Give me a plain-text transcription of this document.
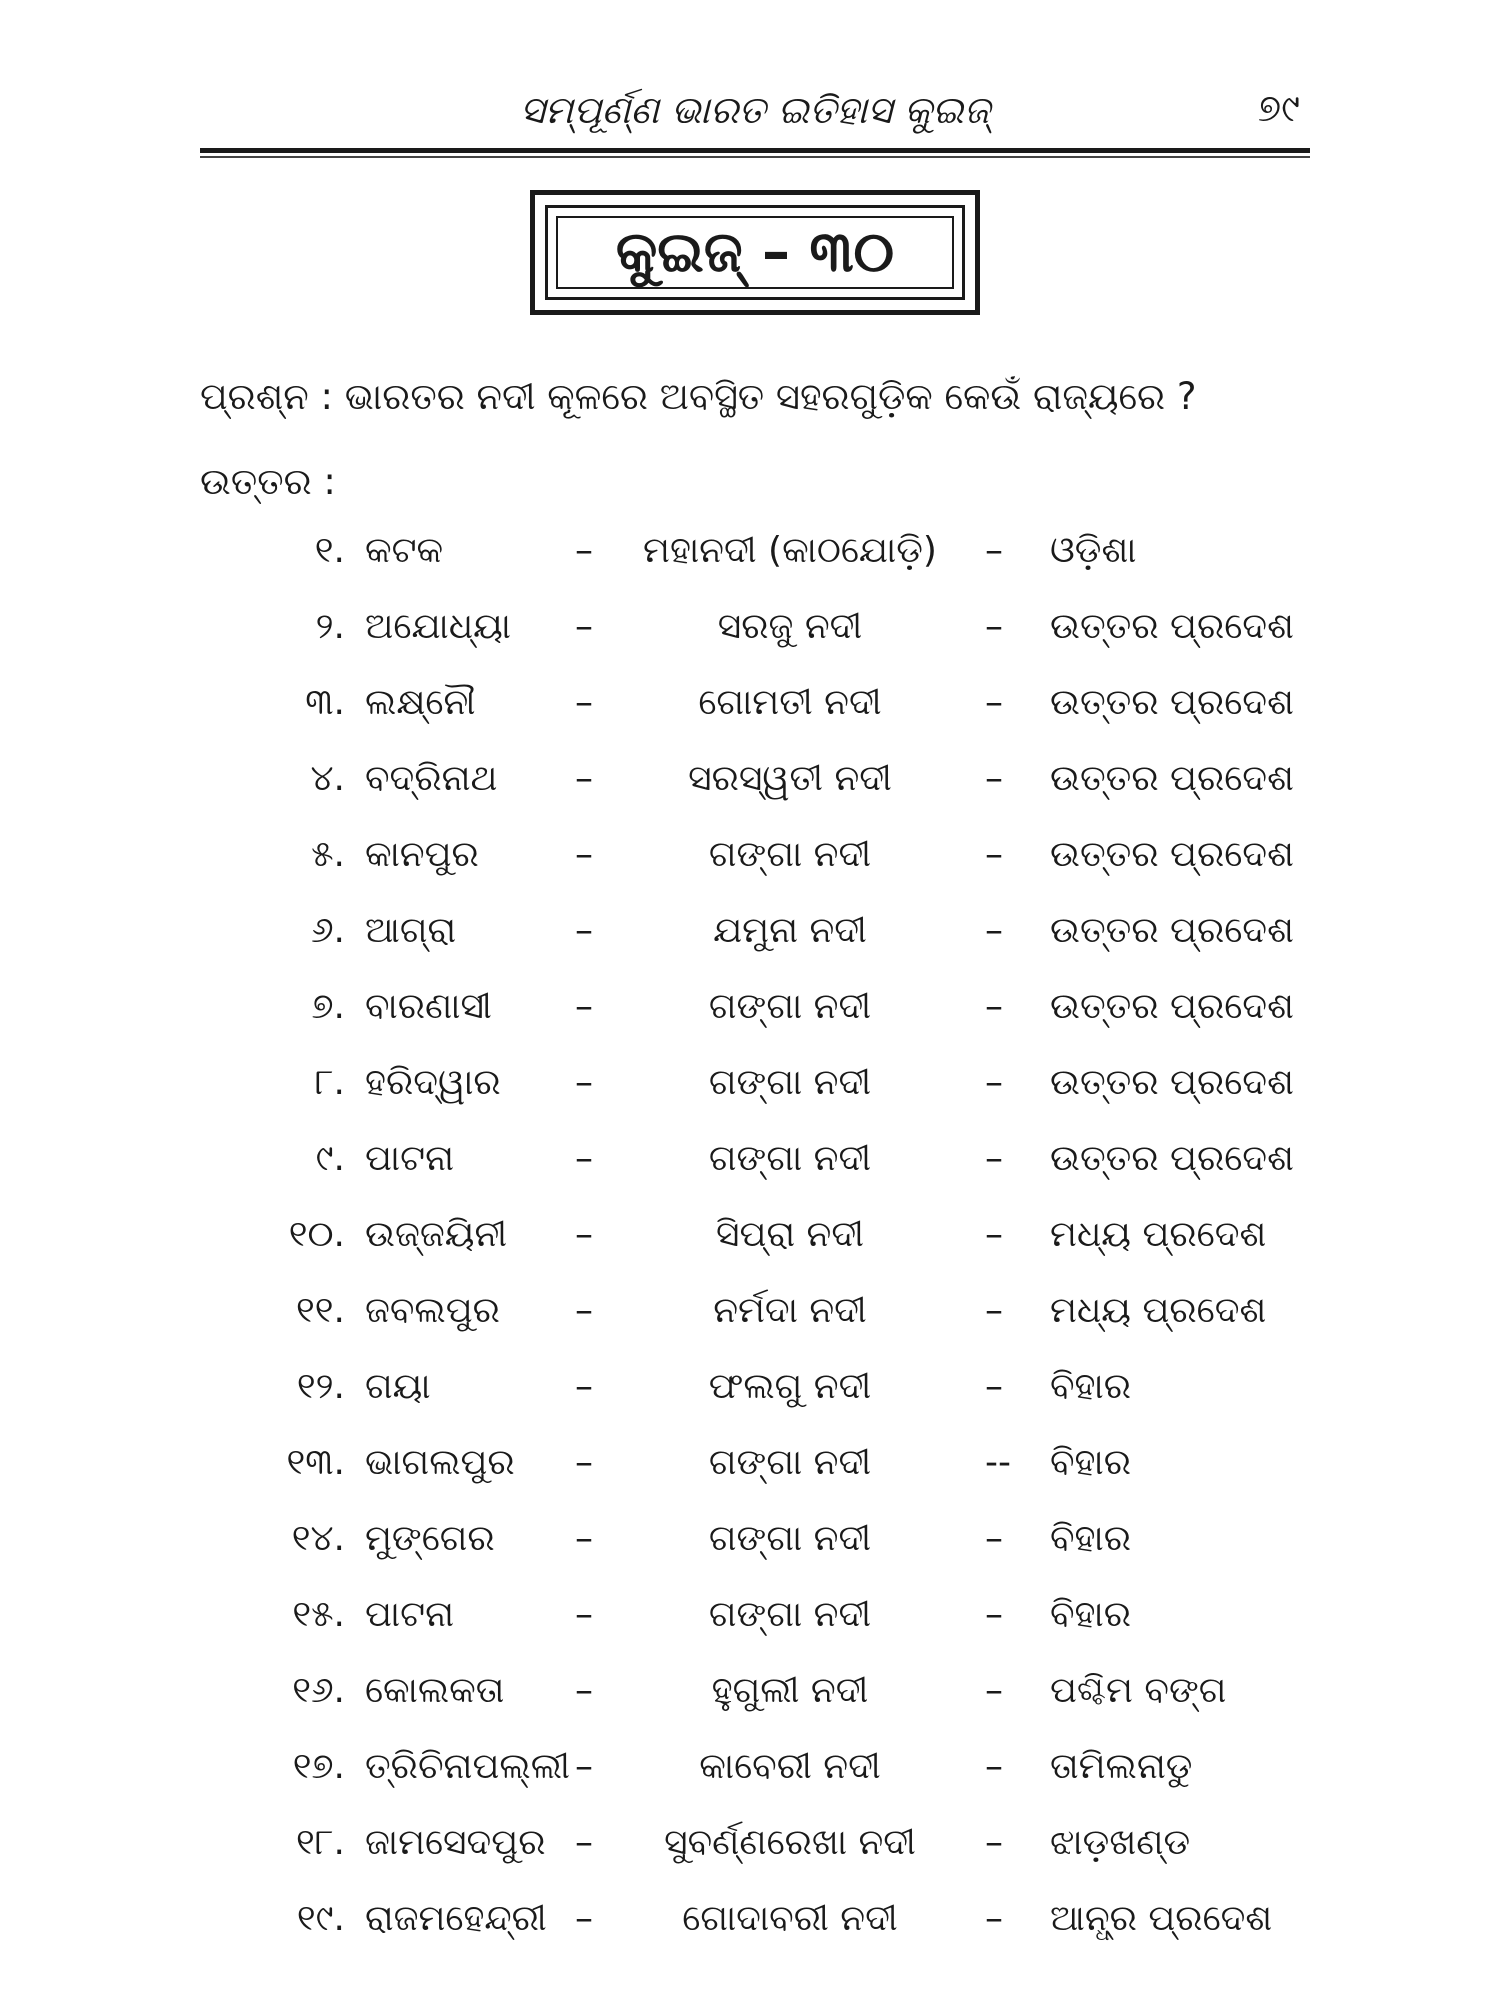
ସମ୍ପୂର୍ଣ୍ଣ ଭାରତ ଇତିହାସ କୁଇଜ୍	୭୯
କୁଇଜ୍ – ୩୦
ପ୍ରଶ୍ନ : ଭାରତର ନଦୀ କୂଳରେ ଅବସ୍ଥିତ ସହରଗୁଡ଼ିକ କେଉଁ ରାଜ୍ୟରେ ?
ଉତ୍ତର :
୧. କଟକ	–	ମହାନଦୀ (କାଠଯୋଡ଼ି)	– ଓଡ଼ିଶା
୨. ଅଯୋଧ୍ୟା –	ସରଜୁ ନଦୀ	– ଉତ୍ତର ପ୍ରଦେଶ
୩. ଲକ୍ଷ୍ନୌ	–	ଗୋମତୀ ନଦୀ	– ଉତ୍ତର ପ୍ରଦେଶ
୪. ବଦ୍ରିନାଥ –	ସରସ୍ୱତୀ ନଦୀ	– ଉତ୍ତର ପ୍ରଦେଶ
୫. କାନପୁର	–	ଗଙ୍ଗା ନଦୀ	– ଉତ୍ତର ପ୍ରଦେଶ
୬. ଆଗ୍ରା	–	ଯମୁନା ନଦୀ	– ଉତ୍ତର ପ୍ରଦେଶ
୭. ବାରଣାସୀ –	ଗଙ୍ଗା ନଦୀ	– ଉତ୍ତର ପ୍ରଦେଶ
୮. ହରିଦ୍ୱାର –	ଗଙ୍ଗା ନଦୀ	– ଉତ୍ତର ପ୍ରଦେଶ
୯. ପାଟନା	–	ଗଙ୍ଗା ନଦୀ	– ଉତ୍ତର ପ୍ରଦେଶ
୧୦. ଉଜ୍ଜୟିନୀ –	ସିପ୍ରା ନଦୀ	– ମଧ୍ୟ ପ୍ରଦେଶ
୧୧. ଜବଲପୁର –	ନର୍ମଦା ନଦୀ	– ମଧ୍ୟ ପ୍ରଦେଶ
୧୨. ଗୟା	–	ଫଲଗୁ ନଦୀ	– ବିହାର
୧୩. ଭାଗଲପୁର –	ଗଙ୍ଗା ନଦୀ	-- ବିହାର
୧୪. ମୁଙ୍ଗେର –	ଗଙ୍ଗା ନଦୀ	– ବିହାର
୧୫. ପାଟନା	–	ଗଙ୍ଗା ନଦୀ	– ବିହାର
୧୬. କୋଲକତା –	ହୁଗୁଲୀ ନଦୀ	– ପଶ୍ଚିମ ବଙ୍ଗ
୧୭. ତ୍ରିଚିନାପଲ୍ଲୀ –	କାବେରୀ ନଦୀ	– ତାମିଲନାଡୁ
୧୮. ଜାମସେଦପୁର –	ସୁବର୍ଣ୍ଣରେଖା ନଦୀ	– ଝାଡ଼ଖଣ୍ଡ
୧୯. ରାଜମହେନ୍ଦ୍ରୀ –	ଗୋଦାବରୀ ନଦୀ	– ଆନ୍ଧ୍ର ପ୍ରଦେଶ
